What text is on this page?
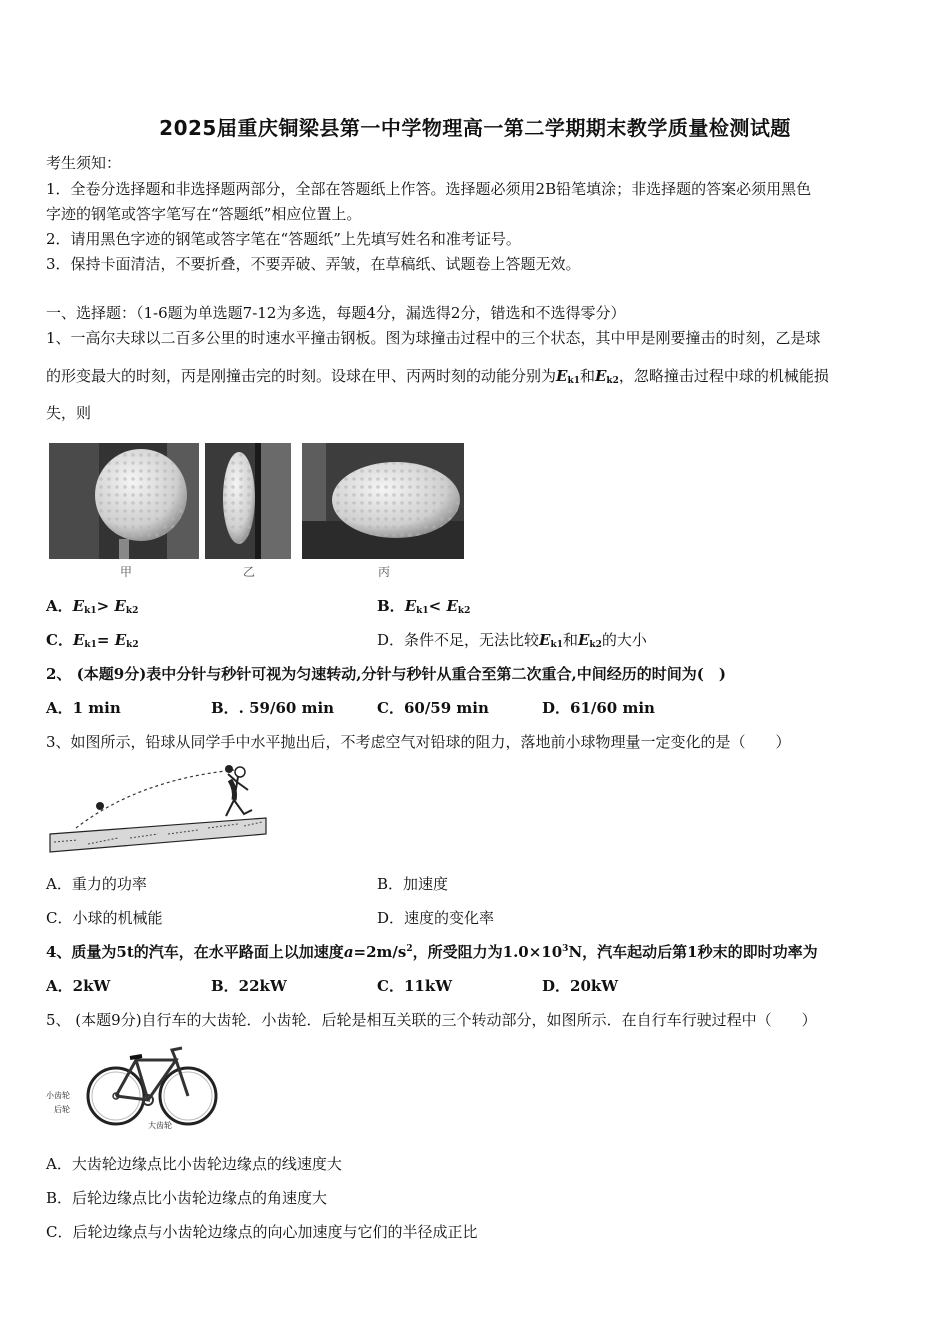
2025届重庆铜梁县第一中学物理高一第二学期期末教学质量检测试题
考生须知：
1．全卷分选择题和非选择题两部分，全部在答题纸上作答。选择题必须用2B铅笔填涂；非选择题的答案必须用黑色
字迹的钢笔或答字笔写在“答题纸”相应位置上。
2．请用黑色字迹的钢笔或答字笔在“答题纸”上先填写姓名和准考证号。
3．保持卡面清洁，不要折叠，不要弄破、弄皱，在草稿纸、试题卷上答题无效。
一、选择题：（1-6题为单选题7-12为多选，每题4分，漏选得2分，错选和不选得零分）
1、一高尔夫球以二百多公里的时速水平撞击钢板。图为球撞击过程中的三个状态，其中甲是刚要撞击的时刻，乙是球
的形变最大的时刻，丙是刚撞击完的时刻。设球在甲、丙两时刻的动能分别为$E_{k1}$和$E_{k2}$，忽略撞击过程中球的机械能损
失，则
甲	乙	丙
A．$E_{k1}> E_{k2}$	B．$E_{k1}< E_{k2}$
C．$E_{k1}= E_{k2}$	D．条件不足，无法比较$E_{k1}$和$E_{k2}$的大小
2、 (本题9分)表中分针与秒针可视为匀速转动,分针与秒针从重合至第二次重合,中间经历的时间为(　)
A．1 min	B．. 59/60 min	C．60/59 min	D．61/60 min
3、如图所示，铅球从同学手中水平抛出后，不考虑空气对铅球的阻力，落地前小球物理量一定变化的是（　　）
A．重力的功率	B．加速度
C．小球的机械能	D．速度的变化率
4、质量为5t的汽车，在水平路面上以加速度$a=2m/s^2$，所受阻力为$1.0\times 10^3N$，汽车起动后第1秒末的即时功率为
A．2kW	B．22kW	C．11kW	D．20kW
5、 (本题9分)自行车的大齿轮．小齿轮．后轮是相互关联的三个转动部分，如图所示．在自行车行驶过程中（　　）
小齿轮
后轮
大齿轮
A．大齿轮边缘点比小齿轮边缘点的线速度大
B．后轮边缘点比小齿轮边缘点的角速度大
C．后轮边缘点与小齿轮边缘点的向心加速度与它们的半径成正比
